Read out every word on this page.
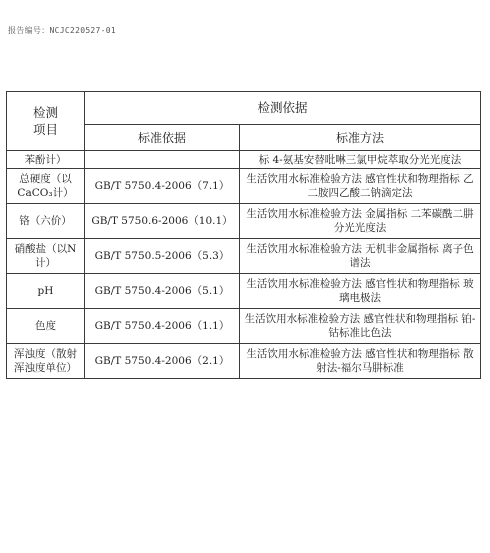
报告编号：NCJC220527-01
检测
项目	检测依据	
	标准依据	标准方法
苯酚计）		标 4-氨基安替吡啉三氯甲烷萃取分光光度法
总硬度（以CaCO₃计）	GB/T 5750.4-2006（7.1）	生活饮用水标准检验方法 感官性状和物理指标 乙二胺四乙酸二钠滴定法
铬（六价）	GB/T 5750.6-2006（10.1）	生活饮用水标准检验方法 金属指标 二苯碳酰二肼分光光度法
硝酸盐（以N计）	GB/T 5750.5-2006（5.3）	生活饮用水标准检验方法 无机非金属指标 离子色谱法
pH	GB/T 5750.4-2006（5.1）	生活饮用水标准检验方法 感官性状和物理指标 玻璃电极法
色度	GB/T 5750.4-2006（1.1）	生活饮用水标准检验方法 感官性状和物理指标 铂-钴标准比色法
浑浊度（散射浑浊度单位）	GB/T 5750.4-2006（2.1）	生活饮用水标准检验方法 感官性状和物理指标 散射法-福尔马肼标准
